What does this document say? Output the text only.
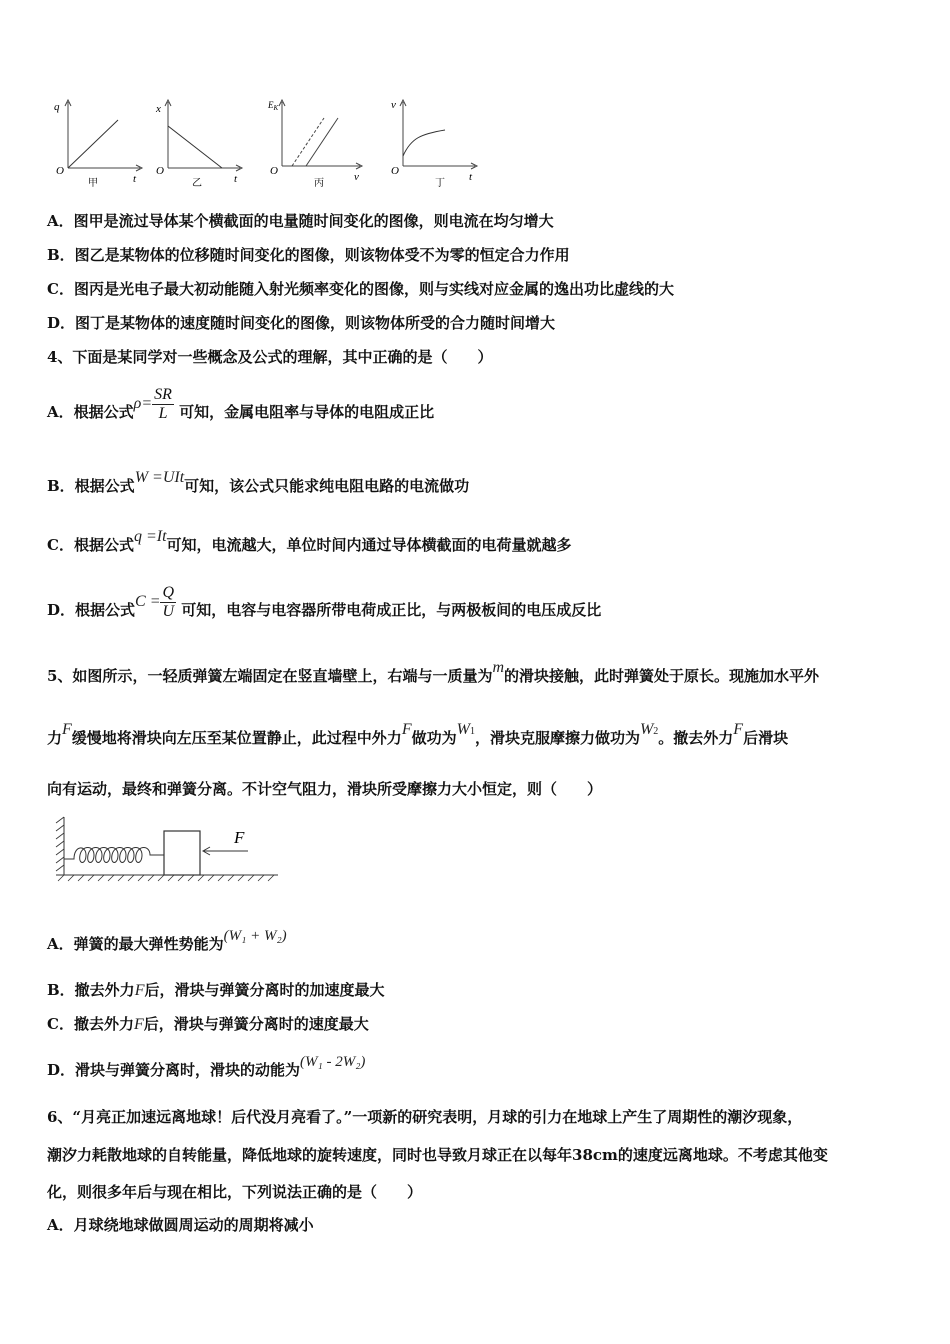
q
O
t
甲
x
O
t
乙
$E_K$
O	v
丙
v
O	t
丁
A．图甲是流过导体某个横截面的电量随时间变化的图像，则电流在均匀增大
B．图乙是某物体的位移随时间变化的图像，则该物体受不为零的恒定合力作用
C．图丙是光电子最大初动能随入射光频率变化的图像，则与实线对应金属的逸出功比虚线的大
D．图丁是某物体的速度随时间变化的图像，则该物体所受的合力随时间增大
4、下面是某同学对一些概念及公式的理解，其中正确的是（　　）
A．根据公式$\rho= \frac{SR}{L}$ 可知，金属电阻率与导体的电阻成正比
B．根据公式W =UIt可知，该公式只能求纯电阻电路的电流做功
C．根据公式q =It可知，电流越大，单位时间内通过导体横截面的电荷量就越多
D．根据公式$C = \frac{Q}{U}$ 可知，电容与电容器所带电荷成正比，与两极板间的电压成反比
5、如图所示，一轻质弹簧左端固定在竖直墙壁上，右端与一质量为m的滑块接触，此时弹簧处于原长。现施加水平外
力F缓慢地将滑块向左压至某位置静止，此过程中外力F做功为W1，滑块克服摩擦力做功为W2。撤去外力F后滑块
向有运动，最终和弹簧分离。不计空气阻力，滑块所受摩擦力大小恒定，则（　　）
F
A．弹簧的最大弹性势能为(W₁ + W₂)
B．撤去外力F后，滑块与弹簧分离时的加速度最大
C．撤去外力F后，滑块与弹簧分离时的速度最大
D．滑块与弹簧分离时，滑块的动能为(W₁ - 2W₂)
6、“月亮正加速远离地球！后代没月亮看了。”一项新的研究表明，月球的引力在地球上产生了周期性的潮汐现象，
潮汐力耗散地球的自转能量，降低地球的旋转速度，同时也导致月球正在以每年38cm的速度远离地球。不考虑其他变
化，则很多年后与现在相比，下列说法正确的是（　　）
A．月球绕地球做圆周运动的周期将减小
